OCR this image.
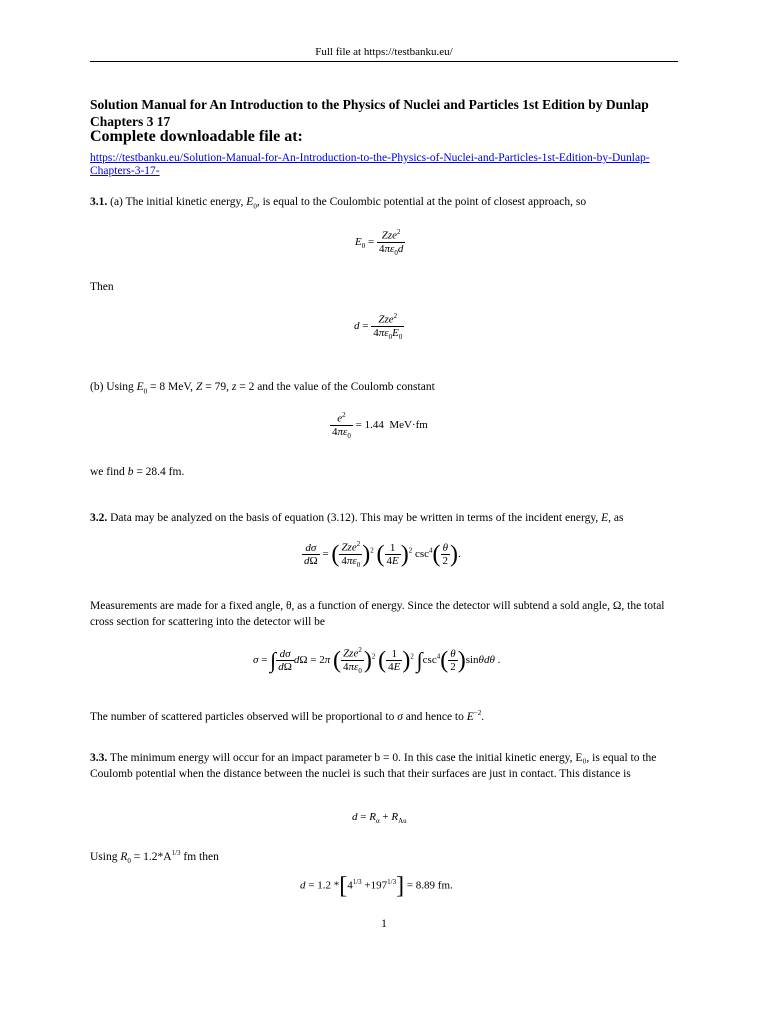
Full file at https://testbanku.eu/
Solution Manual for An Introduction to the Physics of Nuclei and Particles 1st Edition by Dunlap Chapters 3 17
Complete downloadable file at:
https://testbanku.eu/Solution-Manual-for-An-Introduction-to-the-Physics-of-Nuclei-and-Particles-1st-Edition-by-Dunlap-Chapters-3-17-
3.1. (a) The initial kinetic energy, $E_0$, is equal to the Coulombic potential at the point of closest approach, so
$E_0 = \frac{Zze^2}{4\pi\varepsilon_0d}$
Then
$d = \frac{Zze^2}{4\pi\varepsilon_0E_0}$
(b) Using $E_0 = 8$ MeV, Z = 79, z = 2 and the value of the Coulomb constant
$\frac{e^2}{4\pi\varepsilon_0} = 1.44$ MeV·fm
we find b = 28.4 fm.
3.2. Data may be analyzed on the basis of equation (3.12). This may be written in terms of the incident energy, E, as
$\frac{d\sigma}{d\Omega}$ = ( $\frac{Zze^2}{4\pi\varepsilon_0} )^2$ ( $\frac{1}{4E} )^2$ $\csc^4( \frac{\theta}{2}$ ).
Measurements are made for a fixed angle, θ, as a function of energy. Since the detector will subtend a sold angle, Ω, the total cross section for scattering into the detector will be
σ = ∫ $\frac{d\sigma}{d\Omega}$ dΩ = 2π ( $\frac{Zze^2}{4\pi\varepsilon_0} )^2$ ( $\frac{1}{4E} )^2$ $\int\csc^4( \frac{\theta}{2} )\sin\theta d\theta$ .
The number of scattered particles observed will be proportional to σ and hence to $E^{-2}$.
3.3. The minimum energy will occur for an impact parameter b = 0. In this case the initial kinetic energy, E₀, is equal to the Coulomb potential when the distance between the nuclei is such that their surfaces are just in contact. This distance is
$d = R_\alpha + R_{Au}$
Using $R_0 = 1.2*A^{1/3}$ fm then
d = 1.2 $*[4^{1/3} +197^{1/3}] = 8.89$ fm.
1
